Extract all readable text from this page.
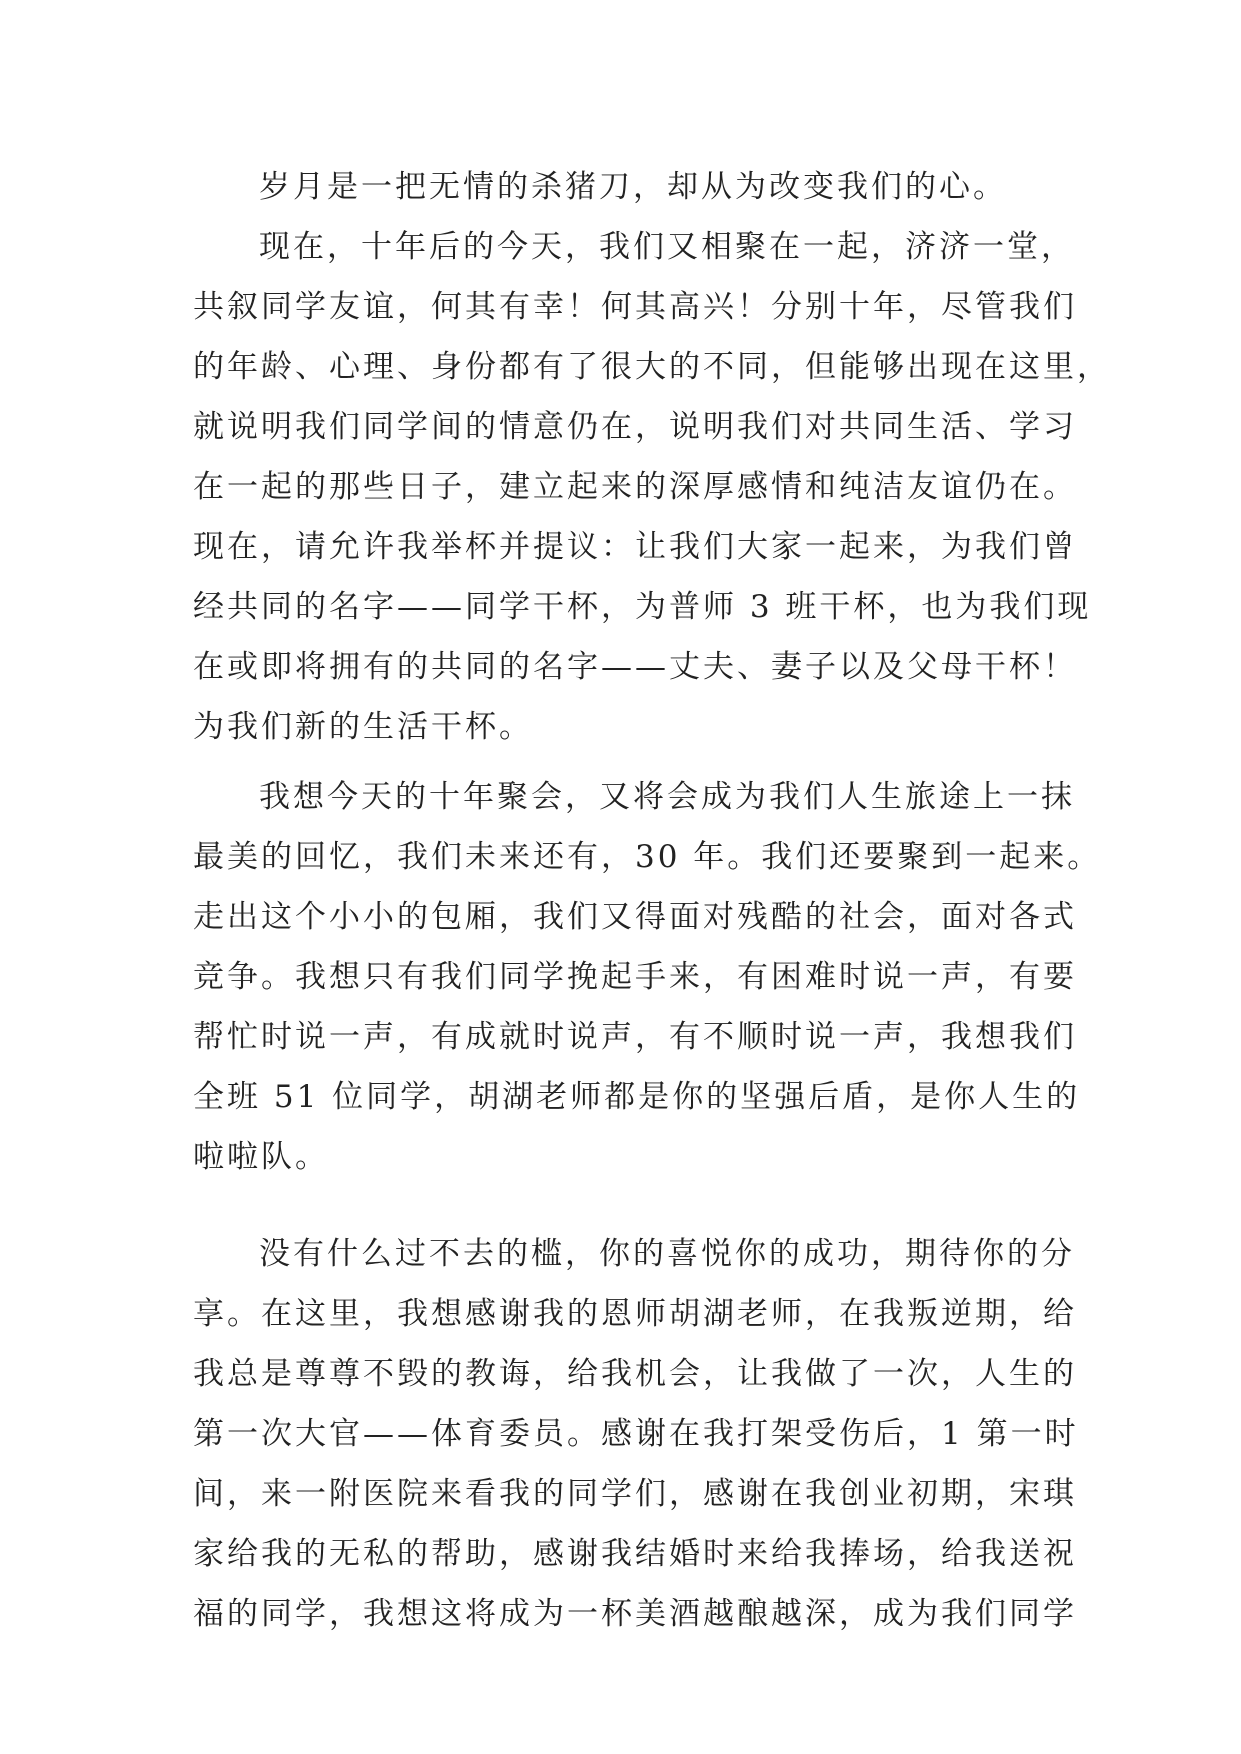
岁月是一把无情的杀猪刀，却从为改变我们的心。
现在，十年后的今天，我们又相聚在一起，济济一堂，
共叙同学友谊，何其有幸！何其高兴！分别十年，尽管我们
的年龄、心理、身份都有了很大的不同，但能够出现在这里，
就说明我们同学间的情意仍在，说明我们对共同生活、学习
在一起的那些日子，建立起来的深厚感情和纯洁友谊仍在。
现在，请允许我举杯并提议：让我们大家一起来，为我们曾
经共同的名字——同学干杯，为普师 3 班干杯，也为我们现
在或即将拥有的共同的名字——丈夫、妻子以及父母干杯！
为我们新的生活干杯。
我想今天的十年聚会，又将会成为我们人生旅途上一抹
最美的回忆，我们未来还有，30 年。我们还要聚到一起来。
走出这个小小的包厢，我们又得面对残酷的社会，面对各式
竞争。我想只有我们同学挽起手来，有困难时说一声，有要
帮忙时说一声，有成就时说声，有不顺时说一声，我想我们
全班 51 位同学，胡湖老师都是你的坚强后盾，是你人生的
啦啦队。
没有什么过不去的槛，你的喜悦你的成功，期待你的分
享。在这里，我想感谢我的恩师胡湖老师，在我叛逆期，给
我总是尊尊不毁的教诲，给我机会，让我做了一次，人生的
第一次大官——体育委员。感谢在我打架受伤后，1 第一时
间，来一附医院来看我的同学们，感谢在我创业初期，宋琪
家给我的无私的帮助，感谢我结婚时来给我捧场，给我送祝
福的同学，我想这将成为一杯美酒越酿越深，成为我们同学
